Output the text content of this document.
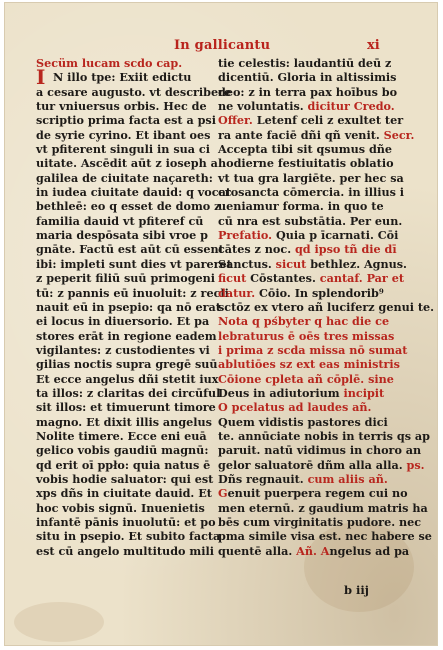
In gallicantu	xi
Secüm lucam scdo cap.
I N illo tpe: Exiit edictu
a cesare augusto. vt describere
tur vniuersus orbis. Hec de
scriptio prima facta est a psi
de syrie cyrino. Et ibant oes
vt pfiterent singuli in sua ci
uitate. Ascēdit aūt z ioseph a
galilea de ciuitate naçareth:
in iudea ciuitate dauid: q vocat
bethleē: eo q esset de domo z
familia dauid vt pfiteref cū
maria despōsata sibi vroe p
gnāte. Factū est aūt cū essent
ibi: impleti sunt dies vt pareret
z peperit filiū suū primogeni
tū: z pannis eū inuoluit: z recli
nauit eū in psepio: qa nō erat
ei locus in diuersorio. Et pa
stores erāt in regione eadem
vigilantes: z custodientes vi
gilias noctis supra gregē suū
Et ecce angelus dñi stetit iux
ta illos: z claritas dei circūful
sit illos: et timuerunt timore
magno. Et dixit illis angelus
Nolite timere. Ecce eni euā
gelico vobis gaudiū magnū:
qd erit oī ppło: quia natus ē
vobis hodie saluator: qui est
xps dñs in ciuitate dauid. Et
hoc vobis signū. Inuenietis
infantē pānis inuolutū: et po
situ in psepio. Et subito facta
est cū angelo multitudo mili
tie celestis: laudantiū deū z
dicentiū. Gloria in altissimis
deo: z in terra pax hoībus bo
ne voluntatis. dicitur Credo.
Offer. Letenf celi z exultet ter
ra ante faciē dñi qñ venit. Secr.
Accepta tibi sit qsumus dñe
hodierne festiuitatis oblatio
vt tua gra largiēte. per hec sa
crosancta cōmercia. in illius i
ueniamur forma. in quo te
cū nra est substātia. Per eun.
Prefatio. Quia p īcarnati. Cōi
cātes z noc. qd ipso tñ die dī
Sanctus. sicut bethlez. Agnus.
ficut Cōstantes. cantaf. Par et
datur. Cōio. In splendorib⁹
sctōz ex vtero añ luciferz genui te.
Nota q pśbyter q hac die ce
lebraturus ē oēs tres missas
i prima z scda missa nō sumat
ablutiōes sz ext eas ministris
Cōione cpleta añ cōplē. sine
Deus in adiutorium incipit
O pcelatus ad laudes añ.
Quem vidistis pastores dici
te. annūciate nobis in terris qs ap
paruit. natū vidimus in choro an
gelor saluatorē dñm alla alla. ps.
Dñs regnauit. cum aliis añ.
Genuit puerpera regem cui no
men eternū. z gaudium matris ha
bēs cum virginitatis pudore. nec
pma simile visa est. nec habere se
quentē alla. Añ. Angelus ad pa
b iij
